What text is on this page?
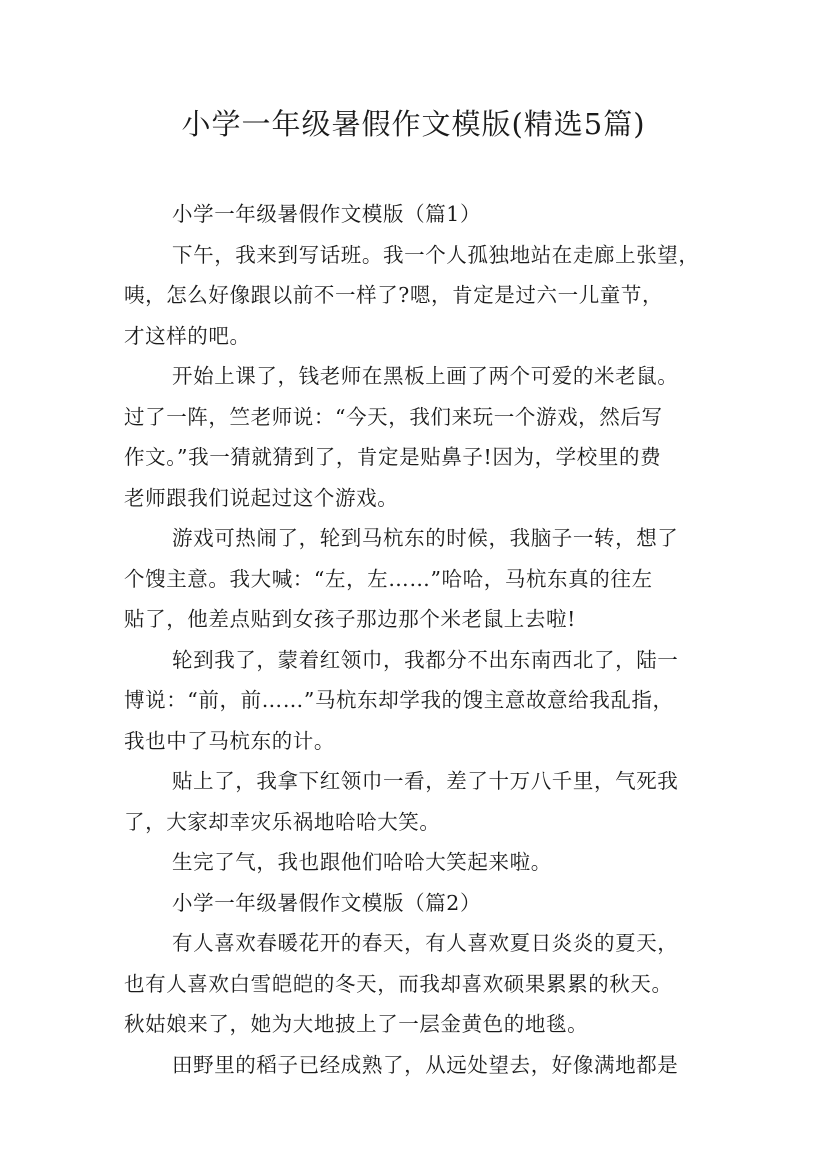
小学一年级暑假作文模版(精选5篇)
小学一年级暑假作文模版（篇1）
下午，我来到写话班。我一个人孤独地站在走廊上张望，
咦，怎么好像跟以前不一样了?嗯，肯定是过六一儿童节，
才这样的吧。
开始上课了，钱老师在黑板上画了两个可爱的米老鼠。
过了一阵，竺老师说：“今天，我们来玩一个游戏，然后写
作文。”我一猜就猜到了，肯定是贴鼻子!因为，学校里的费
老师跟我们说起过这个游戏。
游戏可热闹了，轮到马杭东的时候，我脑子一转，想了
个馊主意。我大喊：“左，左……”哈哈，马杭东真的往左
贴了，他差点贴到女孩子那边那个米老鼠上去啦!
轮到我了，蒙着红领巾，我都分不出东南西北了，陆一
博说：“前，前……”马杭东却学我的馊主意故意给我乱指，
我也中了马杭东的计。
贴上了，我拿下红领巾一看，差了十万八千里，气死我
了，大家却幸灾乐祸地哈哈大笑。
生完了气，我也跟他们哈哈大笑起来啦。
小学一年级暑假作文模版（篇2）
有人喜欢春暖花开的春天，有人喜欢夏日炎炎的夏天，
也有人喜欢白雪皑皑的冬天，而我却喜欢硕果累累的秋天。
秋姑娘来了，她为大地披上了一层金黄色的地毯。
田野里的稻子已经成熟了，从远处望去，好像满地都是
